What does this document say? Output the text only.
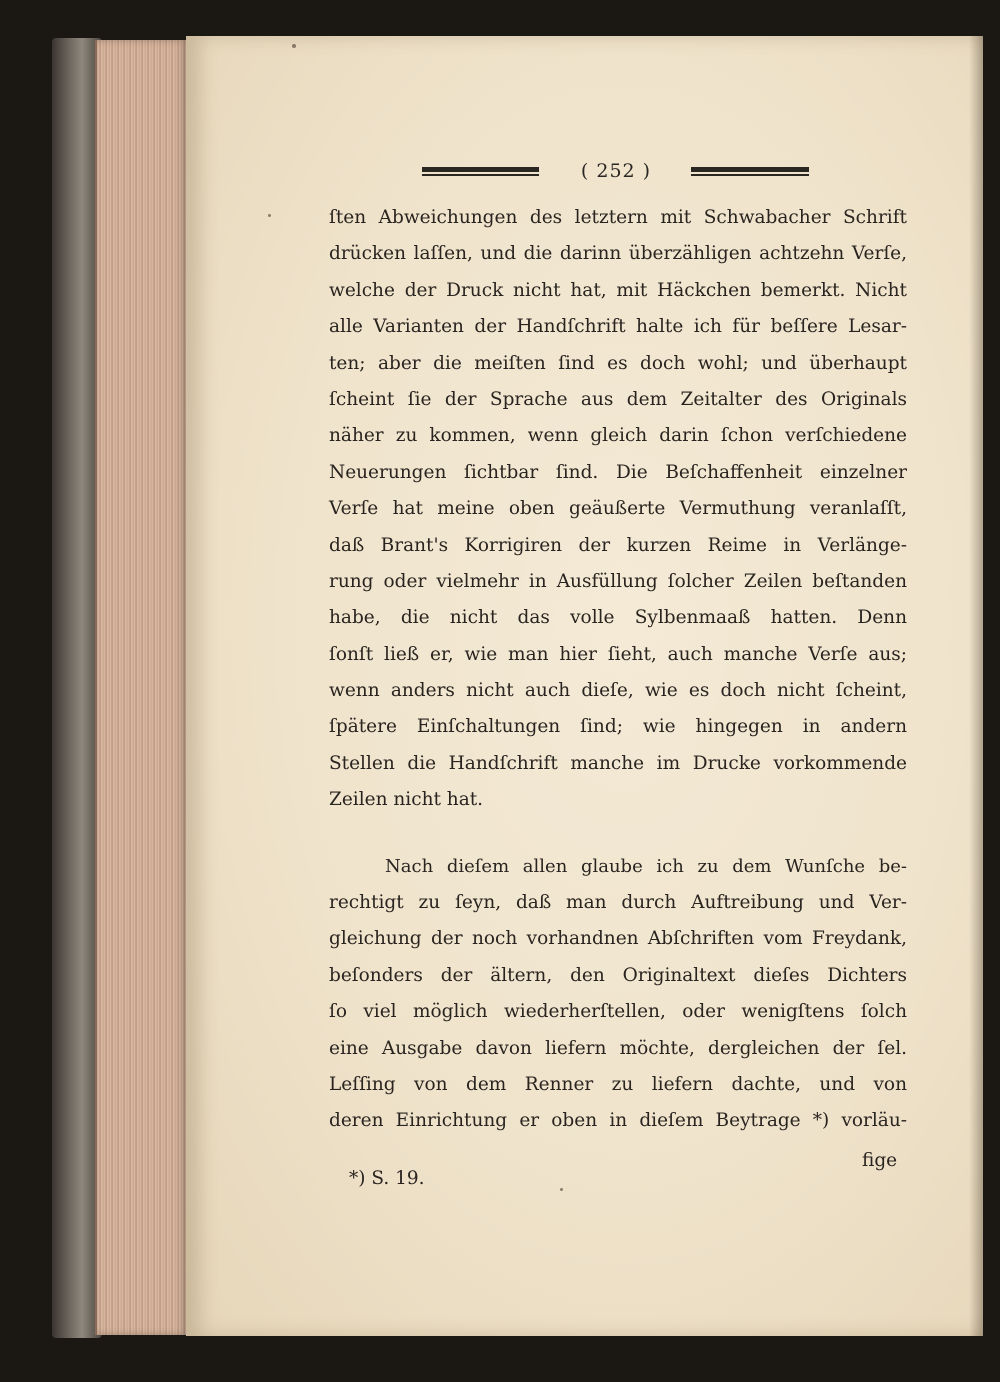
( 252 )
ſten Abweichungen des letztern mit Schwabacher Schrift
drücken laſſen, und die darinn überzähligen achtzehn Verſe,
welche der Druck nicht hat, mit Häckchen bemerkt. Nicht
alle Varianten der Handſchrift halte ich für beſſere Lesar-
ten; aber die meiſten ſind es doch wohl; und überhaupt
ſcheint ſie der Sprache aus dem Zeitalter des Originals
näher zu kommen, wenn gleich darin ſchon verſchiedene
Neuerungen ſichtbar ſind. Die Beſchaffenheit einzelner
Verſe hat meine oben geäußerte Vermuthung veranlaſſt,
daß Brant's Korrigiren der kurzen Reime in Verlänge-
rung oder vielmehr in Ausfüllung ſolcher Zeilen beſtanden
habe, die nicht das volle Sylbenmaaß hatten. Denn
ſonſt ließ er, wie man hier ſieht, auch manche Verſe aus;
wenn anders nicht auch dieſe, wie es doch nicht ſcheint,
ſpätere Einſchaltungen ſind; wie hingegen in andern
Stellen die Handſchrift manche im Drucke vorkommende
Zeilen nicht hat.
Nach dieſem allen glaube ich zu dem Wunſche be-
rechtigt zu ſeyn, daß man durch Auftreibung und Ver-
gleichung der noch vorhandnen Abſchriften vom Freydank,
beſonders der ältern, den Originaltext dieſes Dichters
ſo viel möglich wiederherſtellen, oder wenigſtens ſolch
eine Ausgabe davon liefern möchte, dergleichen der ſel.
Leſſing von dem Renner zu liefern dachte, und von
deren Einrichtung er oben in dieſem Beytrage *) vorläu-
fige
*) S. 19.
